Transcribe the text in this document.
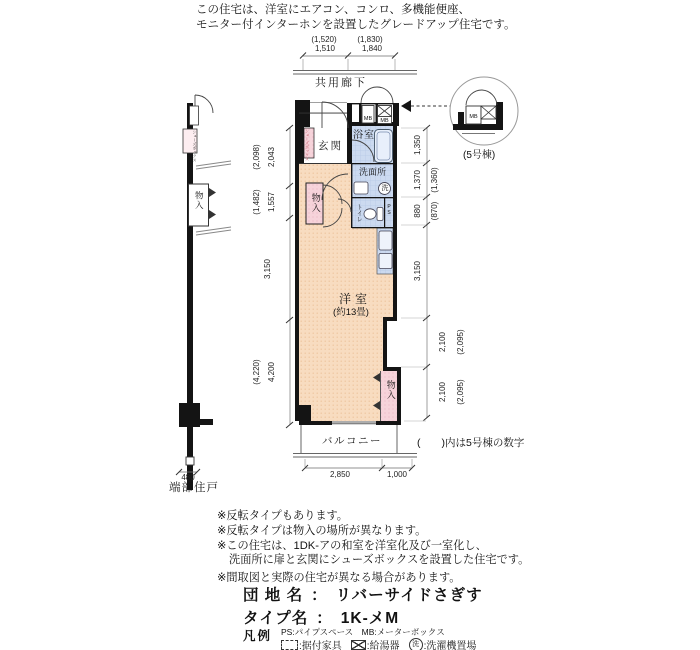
この住宅は、洋室にエアコン、コンロ、多機能便座、
モニター付インターホンを設置したグレードアップ住宅です。
(1,520)
1,510
(1,830)
1,840
共用廊下
玄関
シューズボックス	浴室
洗面所
洗
トイレ	PS
MB	MB
物入
洋室
(約13畳)
物入
バルコニー
(2,098) 2,043
(1,482) 1,557
3,150
(4,220) 4,200
1,350
1,370 (1,360)
880 (870)
3,150
2,100 (2,095)
2,100 (2,095)
2,850	1,000
(　　)内は5号棟の数字
MB
(5号棟)
シューズボックス
物入
480
端部住戸
※反転タイプもあります。
※反転タイプは物入の場所が異なります。
※この住宅は、1DK-アの和室を洋室化及び一室化し、
洗面所に扉と玄関にシューズボックスを設置した住宅です。
※間取図と実際の住宅が異なる場合があります。
団 地 名 ： リバーサイドさぎす
タイプ名 ： 1K-メM
凡例 PS:パイプスペース　MB:メーターボックス
:据付家具	:給湯器	洗 :洗濯機置場
